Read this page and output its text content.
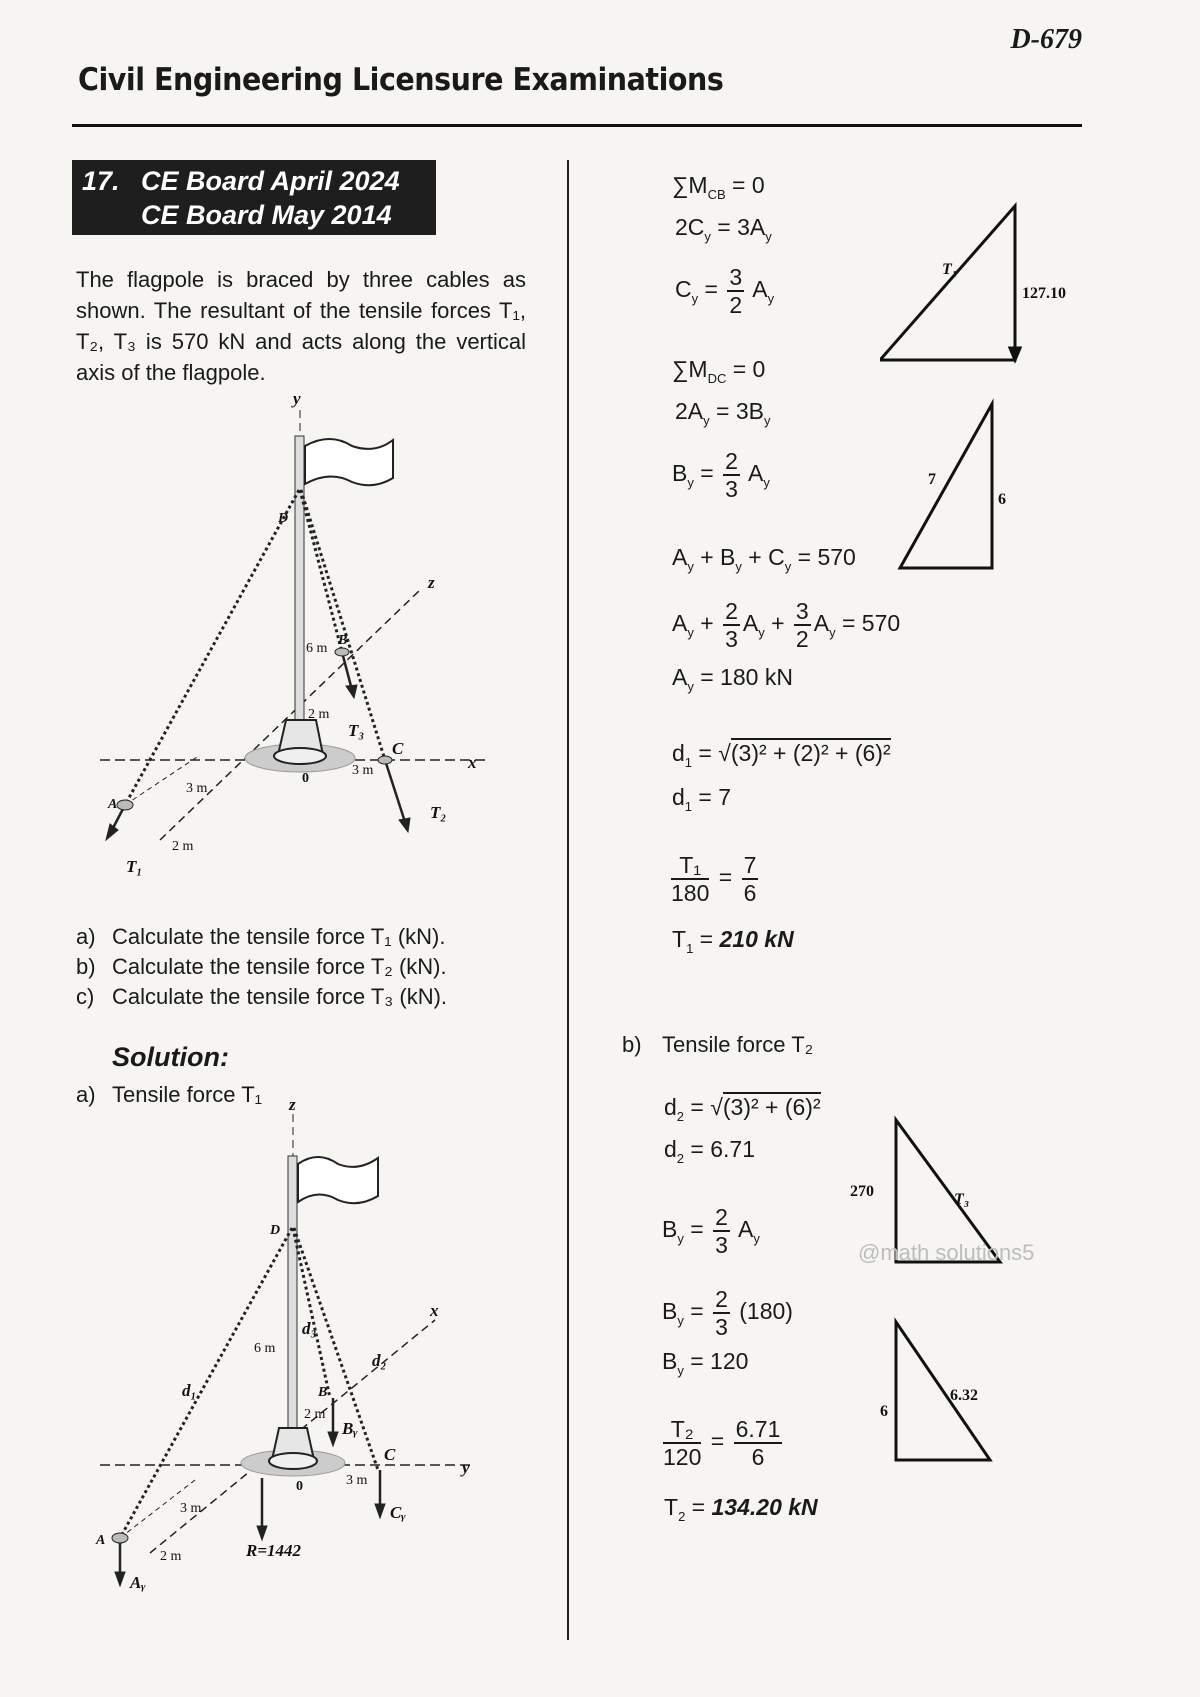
D-679
Civil Engineering Licensure Examinations
17. CE Board April 2024
CE Board May 2014
The flagpole is braced by three cables as shown. The resultant of the tensile forces T₁, T₂, T₃ is 570 kN and acts along the vertical axis of the flagpole.
y
z
x
D
B
C
A
0
6 m
2 m
3 m
3 m
2 m
T₁
T₂
T₃
a) Calculate the tensile force T₁ (kN).
b) Calculate the tensile force T₂ (kN).
c) Calculate the tensile force T₃ (kN).
Solution:
a) Tensile force T₁ z
x
y
D
B
C
A
0
d₁
d₂
d₃
6 m
2 m
3 m
3 m
2 m
Bᵧ
Cᵧ
Aᵧ
R=1442
$\sum M_{CB} = 0$
$2C_y = 3A_y$
$C_y = \frac{3}{2} A_y$
$\sum M_{DC} = 0$
$2A_y = 3B_y$
$B_y = \frac{2}{3} A_y$
$A_y + B_y + C_y = 570$
$A_y + \frac{2}{3} A_y + \frac{3}{2} A_y = 570$
$A_y = 180$ kN
$d_1 = √(3)^2 + (2)^2 + (6)^2$
$d_1 = 7$
$\frac{\text{T₁}}{180} = \frac{7}{6}$
$T_1 = 210$ kN
b) Tensile force T₂
$d_2 = √(3)^2 + (6)^2$
$d_2 = 6.71$
$B_y = \frac{2}{3} A_y$
$B_y = \frac{2}{3} (180)$
$B_y = 120$
$\frac{\text{T₂}}{120} = \frac{6.71}{6}$
$T_2 = 134.20$ kN
T₁
127.10
7
6
270	T₃
6
6.32
@math solutions5
